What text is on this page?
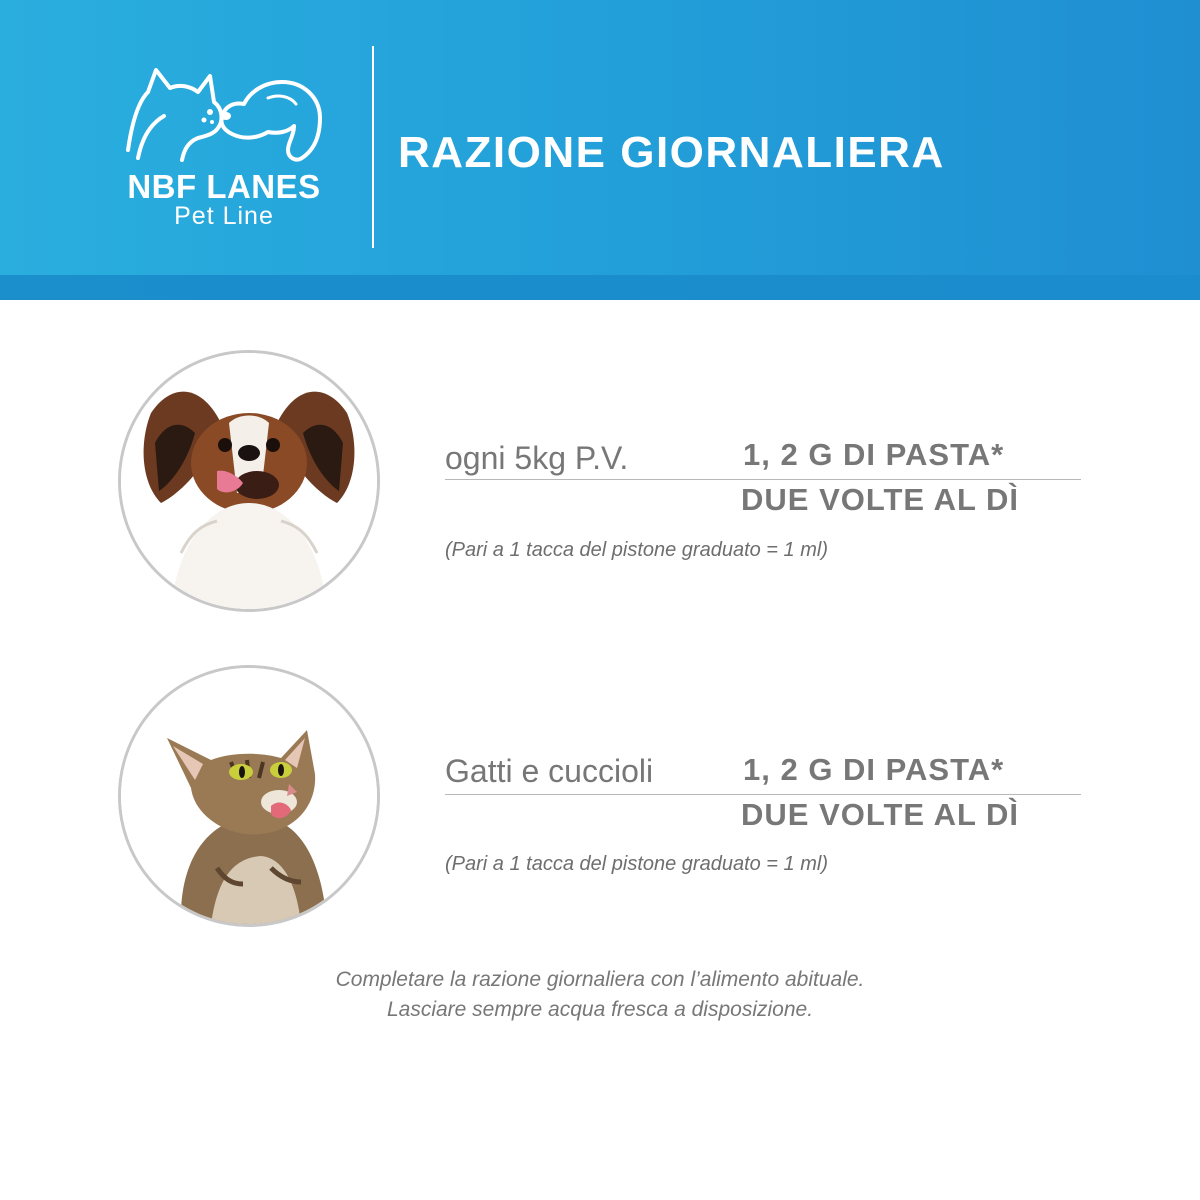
NBF LANES
Pet Line
RAZIONE GIORNALIERA
ogni 5kg P.V.	1, 2 G DI PASTA*
DUE VOLTE AL DÌ
(Pari a 1 tacca del pistone graduato = 1 ml)
Gatti e cuccioli	1, 2 G DI PASTA*
DUE VOLTE AL DÌ
(Pari a 1 tacca del pistone graduato = 1 ml)
Completare la razione giornaliera con l’alimento abituale.
Lasciare sempre acqua fresca a disposizione.
